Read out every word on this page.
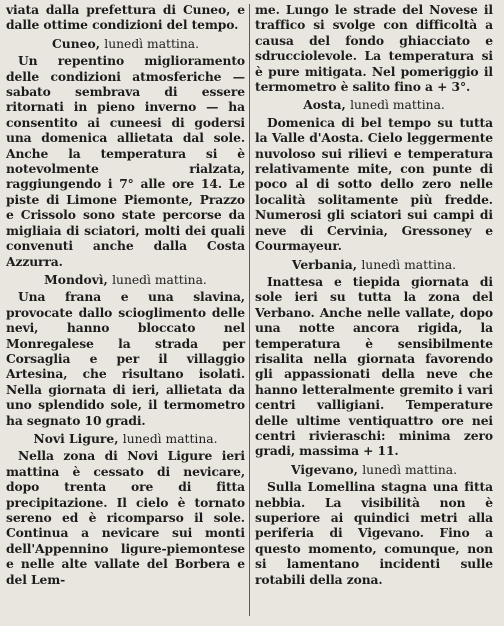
viata dalla prefettura di Cuneo, e dalle ottime condizioni del tempo.

Cuneo, lunedì mattina.

Un repentino miglioramento delle condizioni atmosferiche — sabato sembrava di essere ritornati in pieno inverno — ha consentito ai cuneesi di godersi una domenica allietata dal sole. Anche la temperatura si è notevolmente rialzata, raggiungendo i 7° alle ore 14. Le piste di Limone Piemonte, Prazzo e Crissolo sono state percorse da migliaia di sciatori, molti dei quali convenuti anche dalla Costa Azzurra.

Mondovì, lunedì mattina.

Una frana e una slavina, provocate dallo scioglimento delle nevi, hanno bloccato nel Monregalese la strada per Corsaglia e per il villaggio Artesina, che risultano isolati. Nella giornata di ieri, allietata da uno splendido sole, il termometro ha segnato 10 gradi.

Novi Ligure, lunedì mattina.

Nella zona di Novi Ligure ieri mattina è cessato di nevicare, dopo trenta ore di fitta precipitazione. Il cielo è tornato sereno ed è ricomparso il sole. Continua a nevicare sui monti dell'Appennino ligure-piemontese e nelle alte vallate del Borbera e del Lem-

me. Lungo le strade del Novese il traffico si svolge con difficoltà a causa del fondo ghiacciato e sdrucciolevole. La temperatura si è pure mitigata. Nel pomeriggio il termometro è salito fino a + 3°.

Aosta, lunedì mattina.

Domenica di bel tempo su tutta la Valle d'Aosta. Cielo leggermente nuvoloso sui rilievi e temperatura relativamente mite, con punte di poco al di sotto dello zero nelle località solitamente più fredde. Numerosi gli sciatori sui campi di neve di Cervinia, Gressoney e Courmayeur.

Verbania, lunedì mattina.

Inattesa e tiepida giornata di sole ieri su tutta la zona del Verbano. Anche nelle vallate, dopo una notte ancora rigida, la temperatura è sensibilmente risalita nella giornata favorendo gli appassionati della neve che hanno letteralmente gremito i vari centri valligiani. Temperature delle ultime ventiquattro ore nei centri rivieraschi: minima zero gradi, massima + 11.

Vigevano, lunedì mattina.

Sulla Lomellina stagna una fitta nebbia. La visibilità non è superiore ai quindici metri alla periferia di Vigevano. Fino a questo momento, comunque, non si lamentano incidenti sulle rotabili della zona.
